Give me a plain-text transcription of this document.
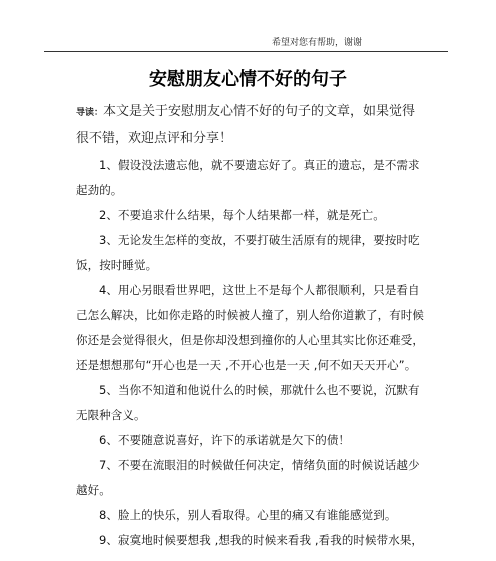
希望对您有帮助，谢谢
安慰朋友心情不好的句子
导读：本文是关于安慰朋友心情不好的句子的文章，如果觉得很不错，欢迎点评和分享！

1、假设没法遗忘他，就不要遗忘好了。真正的遗忘，是不需求
起劲的。

2、不要追求什么结果，每个人结果都一样，就是死亡。

3、无论发生怎样的变故，不要打破生活原有的规律，要按时吃
饭，按时睡觉。

4、用心另眼看世界吧，这世上不是每个人都很顺利，只是看自
己怎么解决，比如你走路的时候被人撞了，别人给你道歉了，有时候
你还是会觉得很火，但是你却没想到撞你的人心里其实比你还难受，
还是想想那句“开心也是一天 ,不开心也是一天 ,何不如天天开心”。

5、当你不知道和他说什么的时候，那就什么也不要说，沉默有
无限种含义。

6、不要随意说喜好，许下的承诺就是欠下的债！

7、不要在流眼泪的时候做任何决定，情绪负面的时候说话越少
越好。

8、脸上的快乐，别人看取得。心里的痛又有谁能感觉到。

9、寂寞地时候要想我 ,想我的时候来看我 ,看我的时候带水果，
